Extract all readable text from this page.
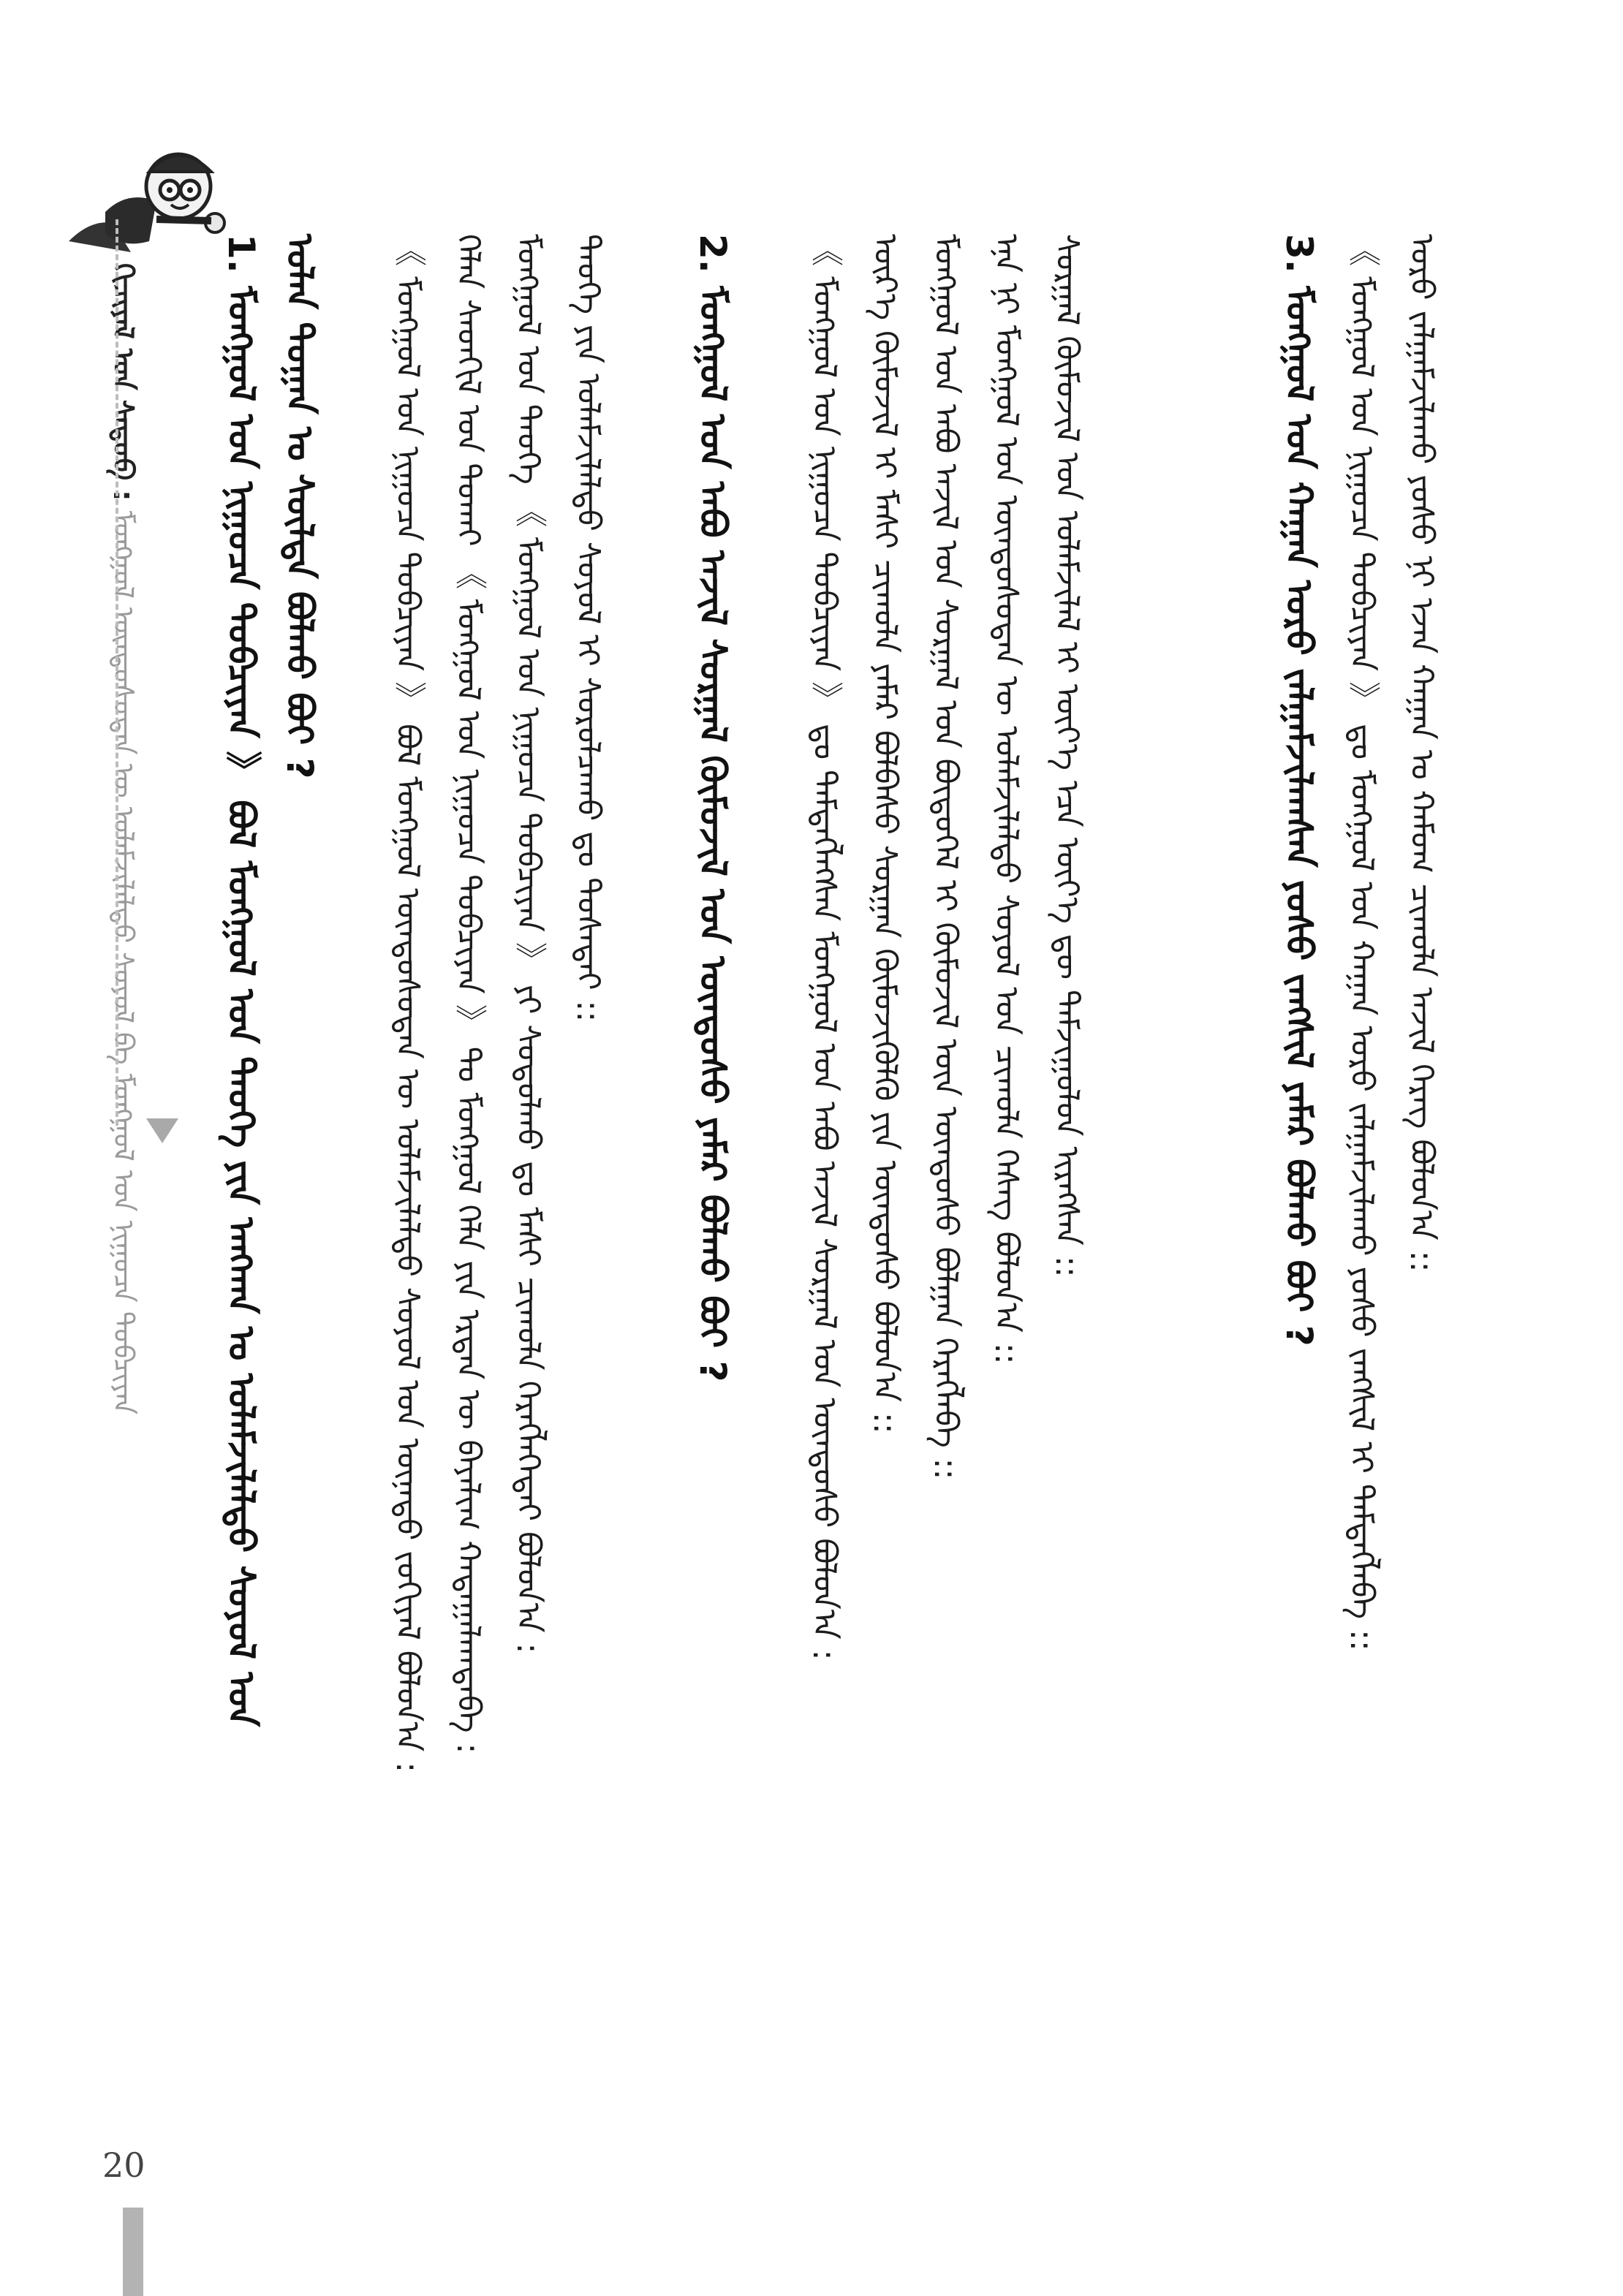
ᠬᠢᠴᠢᠶᠡᠯ ᠤᠨ ᠰᠡᠳᠦᠪ : ᠮᠣᠩᠭᠣᠯ ᠦᠨᠳᠦᠰᠦᠲᠡᠨ ᠦ ᠤᠯᠠᠮᠵᠢᠯᠠᠯᠲᠤ ᠰᠣᠶᠣᠯ ᠪᠠ ᠮᠣᠩᠭᠣᠯ ᠤᠨ ᠨᠢᠭᠤᠴᠠ ᠲᠣᠪᠴᠢᠶᠠᠨ 1. ᠮᠣᠩᠭᠣᠯ ᠤᠨ ᠨᠢᠭᠤᠴᠠ ᠲᠣᠪᠴᠢᠶᠠᠨ 》 ᠪᠣᠯ ᠮᠣᠩᠭᠣᠯ ᠤᠨ ᠲᠡᠦᠬᠡ ᠶᠢᠨ ᠠᠩᠬᠠᠨ ᠤ ᠤᠯᠠᠮᠵᠢᠯᠠᠯᠲᠤ ᠰᠣᠶᠣᠯ ᠤᠨ ᠣᠯᠠᠨ ᠲᠣᠭᠠᠨ ᠤ ᠰᠦᠯᠳᠡ ᠪᠣᠯᠬᠤ ᠪᠤᠢ ? 《 ᠮᠣᠩᠭᠣᠯ ᠤᠨ ᠨᠢᠭᠤᠴᠠ ᠲᠣᠪᠴᠢᠶᠠᠨ 》 ᠪᠣᠯ ᠮᠣᠩᠭᠣᠯ ᠦᠨᠳᠦᠰᠦᠲᠡᠨ ᠦ ᠤᠯᠠᠮᠵᠢᠯᠠᠯᠲᠤ ᠰᠣᠶᠣᠯ ᠤᠨ ᠦᠨᠡᠲᠦ ᠵᠣᠬᠢᠶᠠᠯ ᠪᠣᠯᠤᠨ᠎ᠠ : ᠬᠡᠯᠡᠨ ᠰᠡᠳᠬᠢᠯ ᠤᠨ ᠲᠣᠬᠠᠢ 《 ᠮᠣᠩᠭᠣᠯ ᠤᠨ ᠨᠢᠭᠤᠴᠠ ᠲᠣᠪᠴᠢᠶᠠᠨ 》 ᠲᠤ ᠮᠣᠩᠭᠣᠯ ᠬᠡᠯᠡ ᠶᠢᠨ ᠡᠷᠲᠡᠨ ᠦ ᠪᠠᠶᠠᠯᠢᠭ ᠬᠠᠳᠠᠭᠠᠯᠠᠭᠳᠠᠪᠠ : ᠮᠣᠩᠭᠣᠯ ᠤᠨ ᠲᠡᠦᠬᠡ 《 ᠮᠣᠩᠭᠣᠯ ᠤᠨ ᠨᠢᠭᠤᠴᠠ ᠲᠣᠪᠴᠢᠶᠠᠨ 》 ᠶᠢ ᠰᠤᠳᠤᠯᠬᠤ ᠳᠤ ᠮᠠᠰᠢ ᠴᠢᠬᠤᠯᠠ ᠬᠡᠷᠡᠭᠯᠡᠭᠡᠲᠡᠢ ᠪᠣᠯᠤᠨ᠎ᠠ : ᠲᠡᠦᠬᠡ ᠶᠢᠨ ᠤᠯᠠᠮᠵᠢᠯᠠᠯᠲᠤ ᠰᠣᠶᠣᠯ ᠢ ᠰᠤᠷᠤᠯᠴᠠᠬᠤ ᠳᠤ ᠲᠤᠰᠠᠲᠠᠢ :: 2. ᠮᠣᠩᠭᠣᠯ ᠤᠨ ᠠᠪᠤ ᠠᠵᠢᠯ ᠰᠤᠷᠭᠠᠯ ᠬᠦᠮᠦᠵᠢᠯ ᠤᠨ ᠦᠨᠳᠦᠰᠦ ᠶᠠᠮᠠᠷ ᠪᠣᠯᠬᠤ ᠪᠤᠢ ? 《 ᠮᠣᠩᠭᠣᠯ ᠤᠨ ᠨᠢᠭᠤᠴᠠ ᠲᠣᠪᠴᠢᠶᠠᠨ 》 ᠳᠤ ᠲᠡᠮᠳᠡᠭᠯᠡᠭᠰᠡᠨ ᠮᠣᠩᠭᠣᠯ ᠤᠨ ᠠᠪᠤ ᠠᠵᠢᠯ ᠰᠤᠷᠭᠠᠯ ᠤᠨ ᠦᠨᠳᠦᠰᠦ ᠪᠣᠯᠤᠨ᠎ᠠ : ᠦᠷ᠎ᠡ ᠬᠦᠮᠦᠵᠢᠯ ᠢ ᠮᠠᠰᠢ ᠴᠢᠬᠤᠯᠠ ᠶᠠᠮᠠᠷ ᠪᠣᠯᠪᠠᠰᠤ ᠰᠤᠷᠭᠠᠨ ᠬᠦᠮᠦᠵᠢᠭᠦᠯᠬᠦ ᠶᠢᠨ ᠦᠨᠳᠦᠰᠦ ᠪᠣᠯᠤᠨ᠎ᠠ :: ᠮᠣᠩᠭᠣᠯ ᠤᠨ ᠠᠪᠤ ᠠᠵᠢᠯ ᠤᠨ ᠰᠤᠷᠭᠠᠯ ᠤᠨ ᠪᠦᠲᠦᠭᠡᠯ ᠢ ᠬᠦᠮᠦᠵᠢᠯ ᠦᠨ ᠦᠨᠳᠦᠰᠦ ᠪᠣᠯᠭᠠᠨ ᠬᠡᠷᠡᠭᠯᠡᠪᠡ :: ᠡᠨᠡ ᠨᠢ ᠮᠣᠩᠭᠣᠯ ᠤᠨ ᠦᠨᠳᠦᠰᠦᠲᠡᠨ ᠦ ᠤᠯᠠᠮᠵᠢᠯᠠᠯᠲᠤ ᠰᠣᠶᠣᠯ ᠤᠨ ᠴᠢᠬᠤᠯᠠ ᠬᠡᠰᠡᠭ ᠪᠣᠯᠤᠨ᠎ᠠ :: ᠰᠤᠷᠭᠠᠯ ᠬᠦᠮᠦᠵᠢᠯ ᠤᠨ ᠤᠯᠠᠮᠵᠢᠯᠠᠯ ᠢ ᠦᠶ᠎ᠡ ᠡᠴᠡ ᠦᠶ᠎ᠡ ᠳᠦ ᠳᠠᠮᠵᠢᠭᠤᠯᠤᠨ ᠢᠷᠡᠭᠰᠡᠨ ::	3. ᠮᠣᠩᠭᠣᠯ ᠤᠨ ᠬᠠᠭᠠᠨ ᠣᠷᠣ ᠵᠠᠯᠭᠠᠮᠵᠢᠯᠠᠭᠰᠠᠨ ᠶᠣᠰᠣ ᠵᠠᠩᠰᠢᠯ ᠶᠠᠮᠠᠷ ᠪᠣᠯᠬᠤ ᠪᠤᠢ ? 《 ᠮᠣᠩᠭᠣᠯ ᠤᠨ ᠨᠢᠭᠤᠴᠠ ᠲᠣᠪᠴᠢᠶᠠᠨ 》 ᠳᠤ ᠮᠣᠩᠭᠣᠯ ᠤᠨ ᠬᠠᠭᠠᠨ ᠣᠷᠣ ᠵᠠᠯᠭᠠᠮᠵᠢᠯᠠᠬᠤ ᠶᠣᠰᠣ ᠵᠠᠩᠰᠢᠯ ᠢ ᠲᠡᠮᠳᠡᠭᠯᠡᠪᠡ :: ᠣᠷᠣ ᠵᠠᠯᠭᠠᠮᠵᠢᠯᠠᠬᠤ ᠶᠣᠰᠣ ᠨᠢ ᠡᠵᠡᠨ ᠬᠠᠭᠠᠨ ᠤ ᠬᠠᠮᠤᠭ ᠴᠢᠬᠤᠯᠠ ᠠᠵᠢᠯ ᠬᠡᠷᠡᠭ ᠪᠣᠯᠤᠨ᠎ᠠ ::
20
